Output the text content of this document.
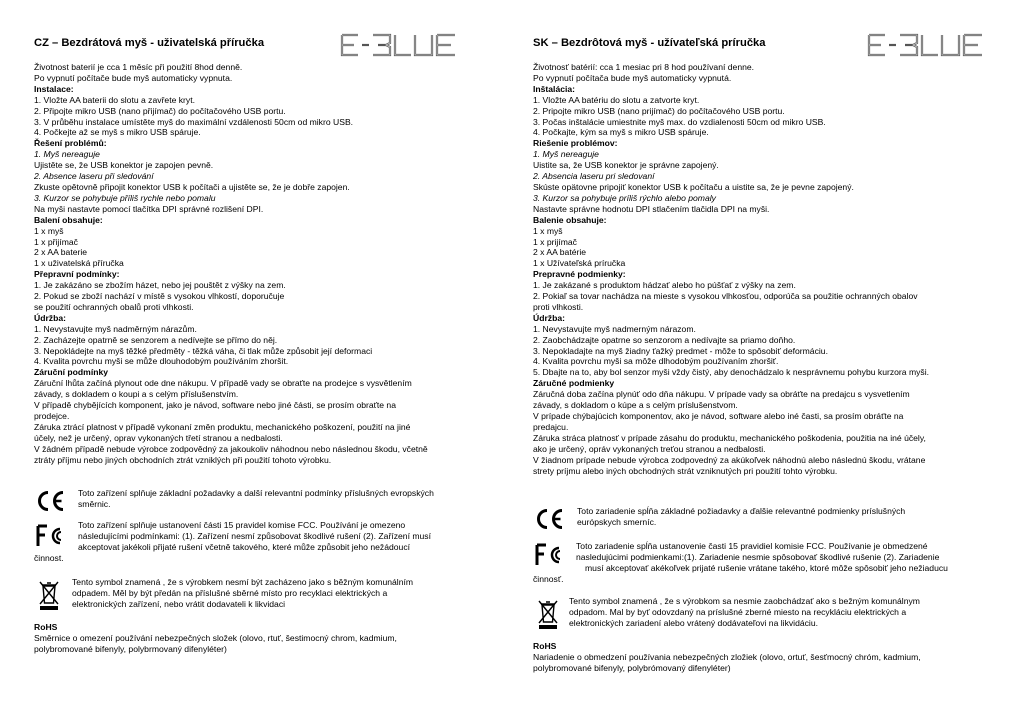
CZ – Bezdrátová myš - uživatelská příručka
Životnost baterií je cca 1 měsíc při použití 8hod denně.
Po vypnutí počítače bude myš automaticky vypnuta.
Instalace:
1. Vložte AA baterii do slotu a zavřete kryt.
2. Připojte mikro USB (nano přijímač) do počítačového USB portu.
3. V průběhu instalace umístěte myš do maximální vzdálenosti 50cm od mikro USB.
4. Počkejte až se myš s mikro USB spáruje.
Řešení problémů:
1. Myš nereaguje
Ujistěte se, že USB konektor je zapojen pevně.
2. Absence laseru při sledování
Zkuste opětovně připojit konektor USB k počítači a ujistěte se, že je dobře zapojen.
3. Kurzor se pohybuje příliš rychle nebo pomalu
Na myši nastavte pomocí tlačítka DPI správné rozlišení DPI.
Balení obsahuje:
1 x myš
1 x přijímač
2 x AA baterie
1 x uživatelská příručka
Přepravní podmínky:
1. Je zakázáno se zbožím házet, nebo jej pouštět z výšky na zem.
2. Pokud se zboží nachází v místě s vysokou vlhkostí, doporučuje
se použití ochranných obalů proti vlhkosti.
Údržba:
1. Nevystavujte myš nadměrným nárazům.
2. Zacházejte opatrně se senzorem a nedívejte se přímo do něj.
3. Nepokládejte na myš těžké předměty - těžká váha, či tlak může způsobit její deformaci
4. Kvalita povrchu myši se může dlouhodobým používáním zhoršit.
Záruční podmínky
Záruční lhůta začíná plynout ode dne nákupu. V případě vady se obraťte na prodejce s vysvětlením
závady, s dokladem o koupi a s celým příslušenstvím.
V případě chybějících komponent, jako je návod, software nebo jiné části, se prosím obraťte na
prodejce.
Záruka ztrácí platnost v případě vykonaní změn produktu, mechanického poškození, použití na jiné
účely, než je určený, oprav vykonaných třetí stranou a nedbalosti.
V žádném případě nebude výrobce zodpovědný za jakoukoliv náhodnou nebo následnou škodu, včetně
ztráty příjmu nebo jiných obchodních ztrát vzniklých při použití tohoto výrobku.
Toto zařízení splňuje základní požadavky a další relevantní podmínky příslušných evropských
směrnic.
Toto zařízení splňuje ustanovení části 15 pravidel komise FCC. Používání je omezeno
následujícími podmínkami: (1). Zařízení nesmí způsobovat škodlivé rušení (2). Zařízení musí
akceptovat jakékoli přijaté rušení včetně takového, které může způsobit jeho nežádoucí
činnost.
Tento symbol znamená , že s výrobkem nesmí být zacházeno jako s běžným komunálním
odpadem. Měl by být předán na příslušné sběrné místo pro recyklaci elektrických a
elektronických zařízení, nebo vrátit dodavateli k likvidaci
RoHS
Směrnice o omezení používání nebezpečných složek (olovo, rtuť, šestimocný chrom, kadmium,
polybromované bifenyly, polybrmovaný difenyléter)
SK – Bezdrôtová myš - užívateľská príručka
Životnosť batérií: cca 1 mesiac pri 8 hod používaní denne.
Po vypnutí počítača bude myš automaticky vypnutá.
Inštalácia:
1. Vložte AA batériu do slotu a zatvorte kryt.
2. Pripojte mikro USB (nano prijímač) do počítačového USB portu.
3. Počas inštalácie umiestnite myš max. do vzdialenosti 50cm od mikro USB.
4. Počkajte, kým sa myš s mikro USB spáruje.
Riešenie problémov:
1. Myš nereaguje
Uistite sa, že USB konektor je správne zapojený.
2. Absencia laseru pri sledovaní
Skúste opätovne pripojiť konektor USB k počítaču a uistite sa, že je pevne zapojený.
3. Kurzor sa pohybuje príliš rýchlo alebo pomaly
Nastavte správne hodnotu DPI stlačením tlačidla DPI na myši.
Balenie obsahuje:
1 x myš
1 x prijímač
2 x AA batérie
1 x Užívateľská príručka
Prepravné podmienky:
1. Je zakázané s produktom hádzať alebo ho púšťať z výšky na zem.
2. Pokiaľ sa tovar nachádza na mieste s vysokou vlhkosťou, odporúča sa použitie ochranných obalov
proti vlhkosti.
Údržba:
1. Nevystavujte myš nadmerným nárazom.
2. Zaobchádzajte opatrne so senzorom a nedívajte sa priamo doňho.
3. Nepokladajte na myš žiadny ťažký predmet - môže to spôsobiť deformáciu.
4. Kvalita povrchu myši sa môže dlhodobým používaním zhoršiť.
5. Dbajte na to, aby bol senzor myši vždy čistý, aby denochádzalo k nesprávnemu pohybu kurzora myši.
Záručné podmienky
Záručná doba začína plynúť odo dňa nákupu. V prípade vady sa obráťte na predajcu s vysvetlením
závady, s dokladom o kúpe a s celým príslušenstvom.
V prípade chýbajúcich komponentov, ako je návod, software alebo iné časti, sa prosím obráťte na
predajcu.
Záruka stráca platnosť v prípade zásahu do produktu, mechanického poškodenia, použitia na iné účely,
ako je určený, opráv vykonaných treťou stranou a nedbalosti.
V žiadnom prípade nebude výrobca zodpovedný za akúkoľvek náhodnú alebo následnú škodu, vrátane
strety príjmu alebo iných obchodných strát vzniknutých pri použití tohto výrobku.
Toto zariadenie spĺňa základné požiadavky a ďalšie relevantné podmienky príslušných
európskych smerníc.
Toto zariadenie spĺňa ustanovenie časti 15 pravidiel komisie FCC. Používanie je obmedzené
nasledujúcimi podmienkami:(1). Zariadenie nesmie spôsobovať škodlivé rušenie (2). Zariadenie
musí akceptovať akékoľvek prijaté rušenie vrátane takého, ktoré môže spôsobiť jeho nežiaducu
činnosť.
Tento symbol znamená , že s výrobkom sa nesmie zaobchádzať ako s bežným komunálnym
odpadom. Mal by byť odovzdaný na príslušné zberné miesto na recykláciu elektrických a
elektronických zariadení alebo vrátený dodávateľovi na likvidáciu.
RoHS
Nariadenie o obmedzení používania nebezpečných zložiek (olovo, ortuť, šesťmocný chróm, kadmium,
polybromované bifenyly, polybrómovaný difenyléter)
